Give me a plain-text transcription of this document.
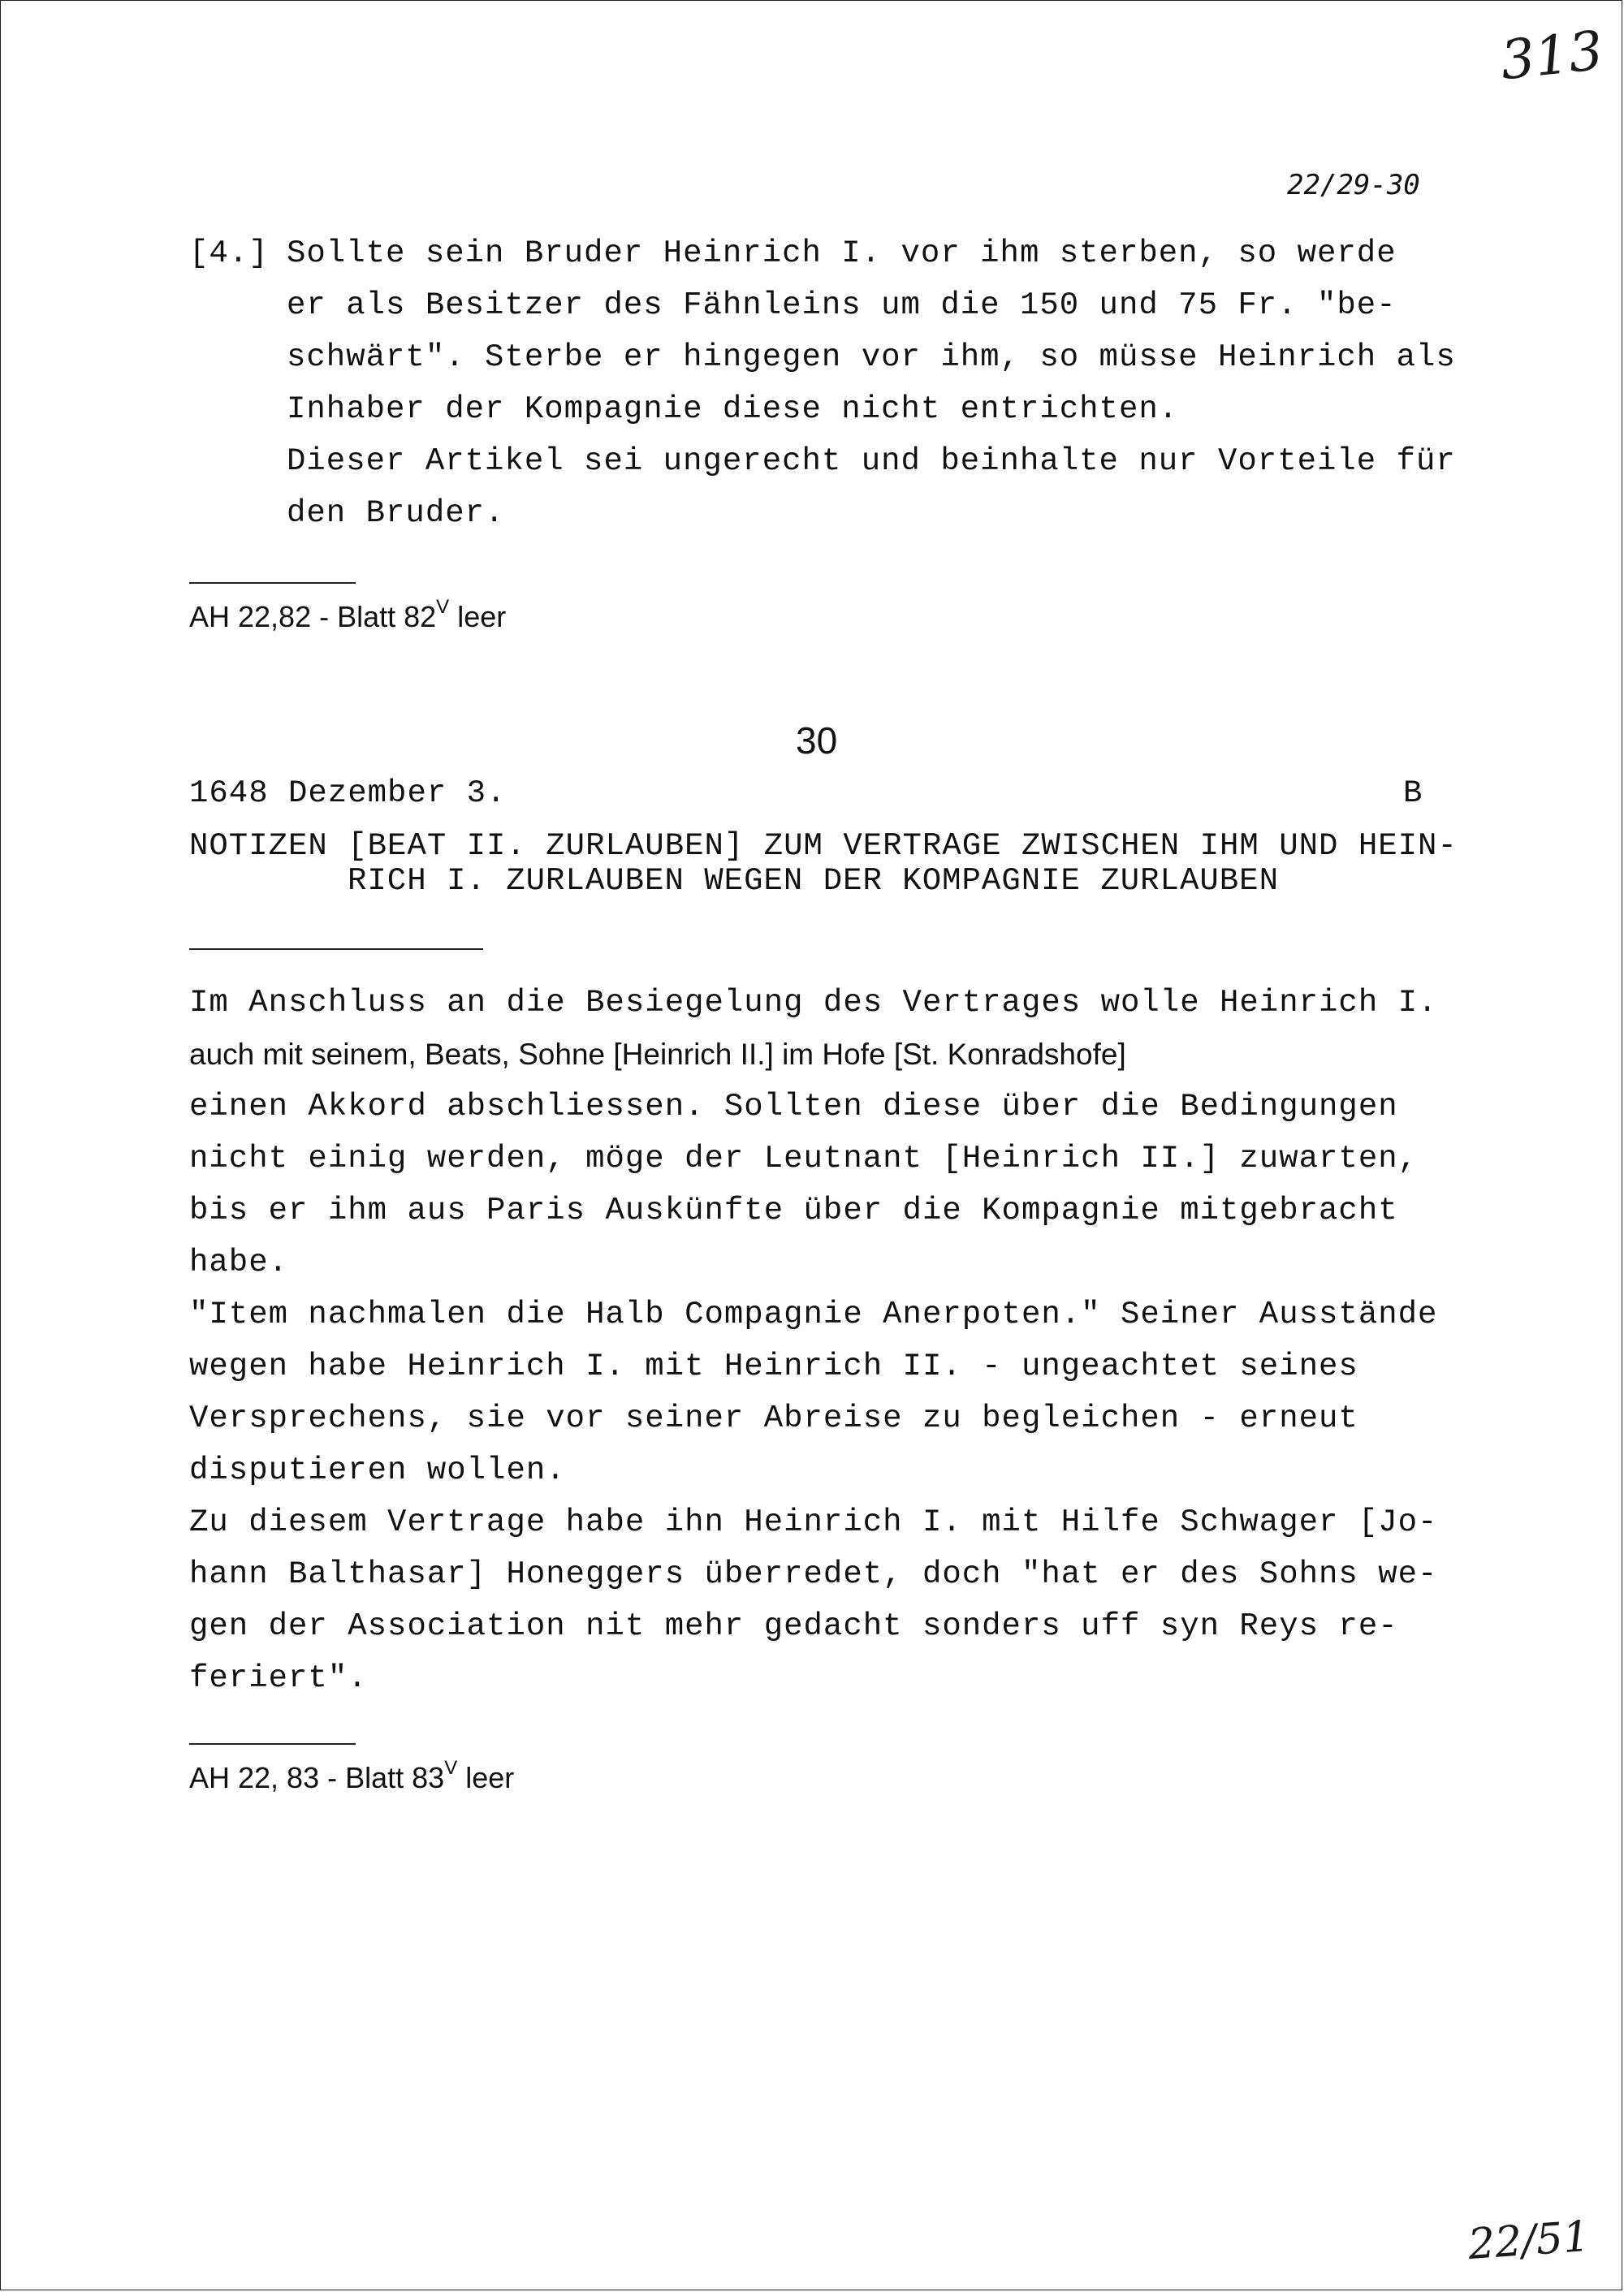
313
22/29-30
[4.] Sollte sein Bruder Heinrich I. vor ihm sterben, so werde
er als Besitzer des Fähnleins um die 150 und 75 Fr. "be-
schwärt". Sterbe er hingegen vor ihm, so müsse Heinrich als
Inhaber der Kompagnie diese nicht entrichten.
Dieser Artikel sei ungerecht und beinhalte nur Vorteile für
den Bruder.
AH 22,82 - Blatt $82^V$ leer
30
1648 Dezember 3.	B
NOTIZEN [BEAT II. ZURLAUBEN] ZUM VERTRAGE ZWISCHEN IHM UND HEIN-
RICH I. ZURLAUBEN WEGEN DER KOMPAGNIE ZURLAUBEN
Im Anschluss an die Besiegelung des Vertrages wolle Heinrich I.
auch mit seinem, Beats, Sohne [Heinrich II.] im Hofe [St. Konradshofe]
einen Akkord abschliessen. Sollten diese über die Bedingungen
nicht einig werden, möge der Leutnant [Heinrich II.] zuwarten,
bis er ihm aus Paris Auskünfte über die Kompagnie mitgebracht
habe.
"Item nachmalen die Halb Compagnie Anerpoten." Seiner Ausstände
wegen habe Heinrich I. mit Heinrich II. - ungeachtet seines
Versprechens, sie vor seiner Abreise zu begleichen - erneut
disputieren wollen.
Zu diesem Vertrage habe ihn Heinrich I. mit Hilfe Schwager [Jo-
hann Balthasar] Honeggers überredet, doch "hat er des Sohns we-
gen der Association nit mehr gedacht sonders uff syn Reys re-
feriert".
AH 22, 83 - Blatt $83^V$ leer
22/51
